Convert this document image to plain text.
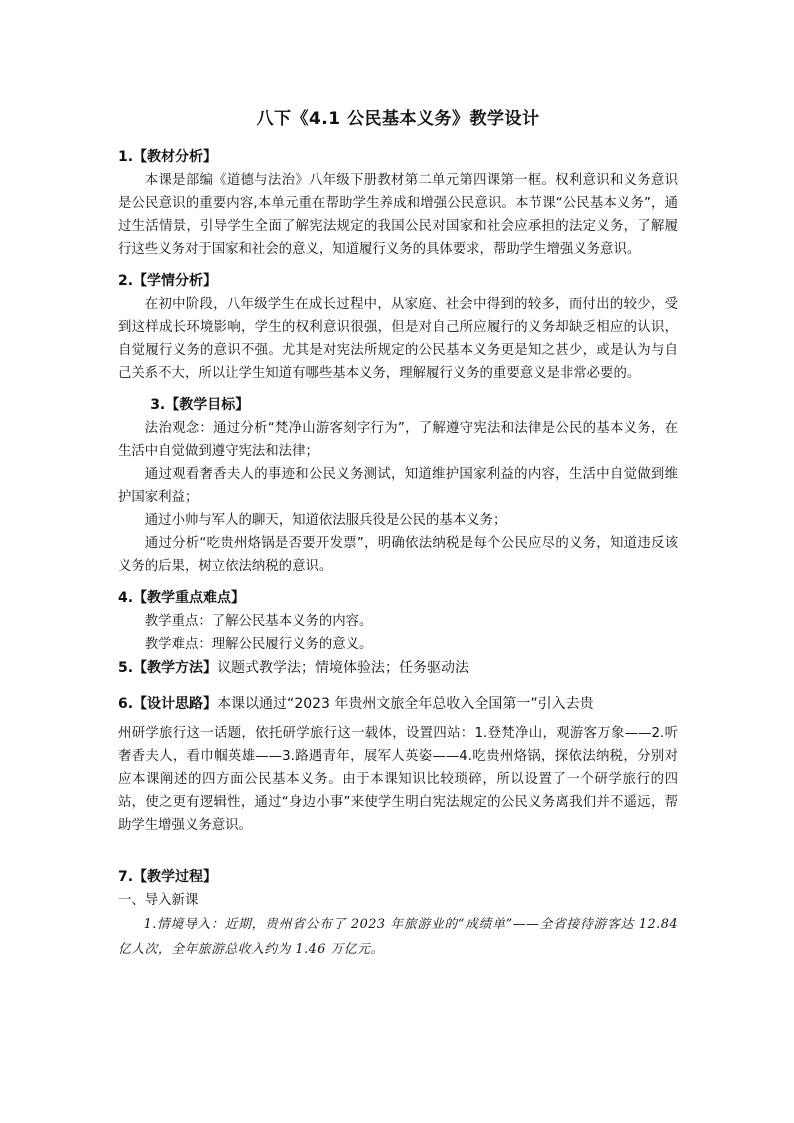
八下《4.1 公民基本义务》教学设计

1.【教材分析】

本课是部编《道德与法治》八年级下册教材第二单元第四课第一框。权利意识和义务意识是公民意识的重要内容,本单元重在帮助学生养成和增强公民意识。本节课“公民基本义务”，通过生活情景，引导学生全面了解宪法规定的我国公民对国家和社会应承担的法定义务，了解履行这些义务对于国家和社会的意义，知道履行义务的具体要求，帮助学生增强义务意识。

2.【学情分析】

在初中阶段，八年级学生在成长过程中，从家庭、社会中得到的较多，而付出的较少，受到这样成长环境影响，学生的权利意识很强，但是对自己所应履行的义务却缺乏相应的认识，自觉履行义务的意识不强。尤其是对宪法所规定的公民基本义务更是知之甚少，或是认为与自己关系不大，所以让学生知道有哪些基本义务，理解履行义务的重要意义是非常必要的。

3.【教学目标】

法治观念：通过分析“梵净山游客刻字行为”，了解遵守宪法和法律是公民的基本义务，在生活中自觉做到遵守宪法和法律；

通过观看奢香夫人的事迹和公民义务测试，知道维护国家利益的内容，生活中自觉做到维护国家利益；

通过小帅与军人的聊天，知道依法服兵役是公民的基本义务；

通过分析“吃贵州烙锅是否要开发票”，明确依法纳税是每个公民应尽的义务，知道违反该义务的后果，树立依法纳税的意识。

4.【教学重点难点】

教学重点：了解公民基本义务的内容。

教学难点：理解公民履行义务的意义。

5.【教学方法】议题式教学法；情境体验法；任务驱动法

6.【设计思路】本课以通过“2023 年贵州文旅全年总收入全国第一”引入去贵

州研学旅行这一话题，依托研学旅行这一载体，设置四站：1.登梵净山，观游客万象——2.听奢香夫人，看巾帼英雄——3.路遇青年，展军人英姿——4.吃贵州烙锅，探依法纳税，分别对应本课阐述的四方面公民基本义务。由于本课知识比较琐碎，所以设置了一个研学旅行的四站，使之更有逻辑性，通过“身边小事”来使学生明白宪法规定的公民义务离我们并不遥远，帮助学生增强义务意识。

7.【教学过程】

一、导入新课

1.情境导入：近期，贵州省公布了 2023 年旅游业的“成绩单”——全省接待游客达 12.84 亿人次，全年旅游总收入约为 1.46 万亿元。
